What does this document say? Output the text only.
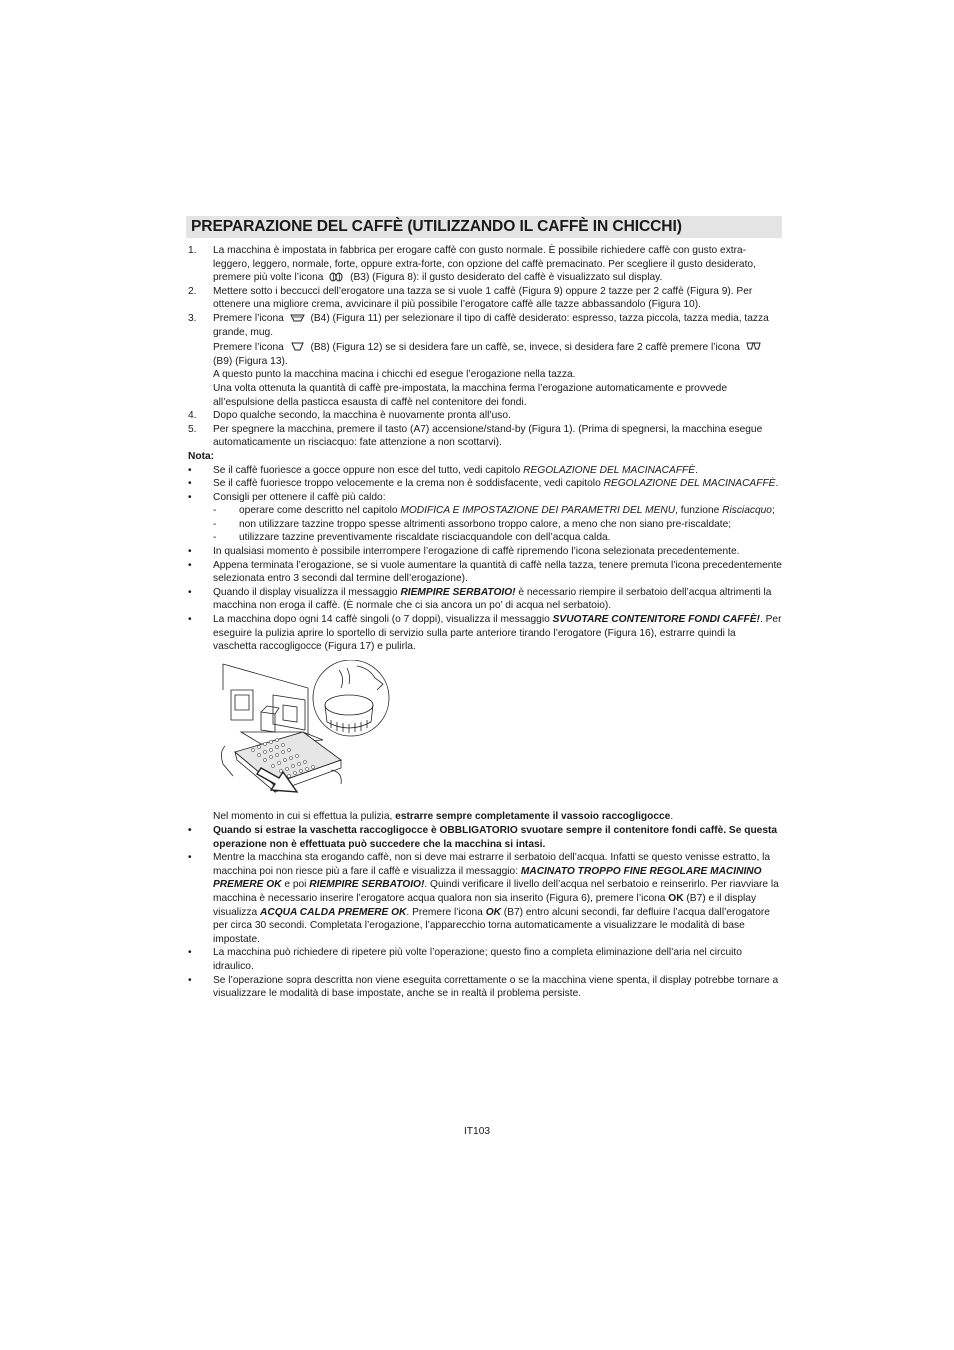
PREPARAZIONE DEL CAFFÈ (UTILIZZANDO IL CAFFÈ IN CHICCHI)
1. La macchina è impostata in fabbrica per erogare caffè con gusto normale. È possibile richiedere caffè con gusto extra-leggero, leggero, normale, forte, oppure extra-forte, con opzione del caffè premacinato. Per scegliere il gusto desiderato, premere più volte l’icona	(B3) (Figura 8): il gusto desiderato del caffè è visualizzato sul display.
2. Mettere sotto i beccucci dell’erogatore una tazza se si vuole 1 caffè (Figura 9) oppure 2 tazze per 2 caffè (Figura 9). Per ottenere una migliore crema, avvicinare il più possibile l’erogatore caffè alle tazze abbassandolo (Figura 10).
3. Premere l’icona	(B4) (Figura 11) per selezionare il tipo di caffè desiderato: espresso, tazza piccola, tazza media, tazza grande, mug.
Premere l’icona	(B8) (Figura 12) se si desidera fare un caffè, se, invece, si desidera fare 2 caffè premere l’icona  (B9) (Figura 13).
A questo punto la macchina macina i chicchi ed esegue l’erogazione nella tazza.
Una volta ottenuta la quantità di caffè pre-impostata, la macchina ferma l’erogazione automaticamente e provvede all’espulsione della pasticca esausta di caffè nel contenitore dei fondi.
4. Dopo qualche secondo, la macchina è nuovamente pronta all’uso.
5. Per spegnere la macchina, premere il tasto (A7) accensione/stand-by (Figura 1). (Prima di spegnersi, la macchina esegue automaticamente un risciacquo: fate attenzione a non scottarvi).
Nota:
• Se il caffè fuoriesce a gocce oppure non esce del tutto, vedi capitolo REGOLAZIONE DEL MACINACAFFÈ.
• Se il caffè fuoriesce troppo velocemente e la crema non è soddisfacente, vedi capitolo REGOLAZIONE DEL MACINACAFFÈ.
• Consigli per ottenere il caffè più caldo:
- operare come descritto nel capitolo MODIFICA E IMPOSTAZIONE DEI PARAMETRI DEL MENU, funzione Risciacquo;
- non utilizzare tazzine troppo spesse altrimenti assorbono troppo calore, a meno che non siano pre-riscaldate;
- utilizzare tazzine preventivamente riscaldate risciacquandole con dell’acqua calda.
• In qualsiasi momento è possibile interrompere l’erogazione di caffè ripremendo l’icona selezionata precedentemente.
• Appena terminata l’erogazione, se si vuole aumentare la quantità di caffè nella tazza, tenere premuta l’icona precedentemente selezionata entro 3 secondi dal termine dell’erogazione).
• Quando il display visualizza il messaggio RIEMPIRE SERBATOIO! è necessario riempire il serbatoio dell’acqua altrimenti la macchina non eroga il caffè. (È normale che ci sia ancora un po’ di acqua nel serbatoio).
• La macchina dopo ogni 14 caffè singoli (o 7 doppi), visualizza il messaggio SVUOTARE CONTENITORE FONDI CAFFÈ!. Per eseguire la pulizia aprire lo sportello di servizio sulla parte anteriore tirando l’erogatore (Figura 16), estrarre quindi la vaschetta raccogligocce (Figura 17) e pulirla.
Nel momento in cui si effettua la pulizia, estrarre sempre completamente il vassoio raccogligocce.
• Quando si estrae la vaschetta raccogligocce è OBBLIGATORIO svuotare sempre il contenitore fondi caffè. Se questa operazione non è effettuata può succedere che la macchina si intasi.
• Mentre la macchina sta erogando caffè, non si deve mai estrarre il serbatoio dell’acqua. Infatti se questo venisse estratto, la macchina poi non riesce più a fare il caffè e visualizza il messaggio: MACINATO TROPPO FINE REGOLARE MACININO PREMERE OK e poi RIEMPIRE SERBATOIO!. Quindi verificare il livello dell’acqua nel serbatoio e reinserirlo. Per riavviare la macchina è necessario inserire l’erogatore acqua qualora non sia inserito (Figura 6), premere l’icona OK (B7) e il display visualizza ACQUA CALDA PREMERE OK. Premere l’icona OK (B7) entro alcuni secondi, far defluire l’acqua dall’erogatore per circa 30 secondi. Completata l’erogazione, l’apparecchio torna automaticamente a visualizzare le modalità di base impostate.
• La macchina può richiedere di ripetere più volte l’operazione; questo fino a completa eliminazione dell’aria nel circuito idraulico.
• Se l’operazione sopra descritta non viene eseguita correttamente o se la macchina viene spenta, il display potrebbe tornare a visualizzare le modalità di base impostate, anche se in realtà il problema persiste.
IT103
